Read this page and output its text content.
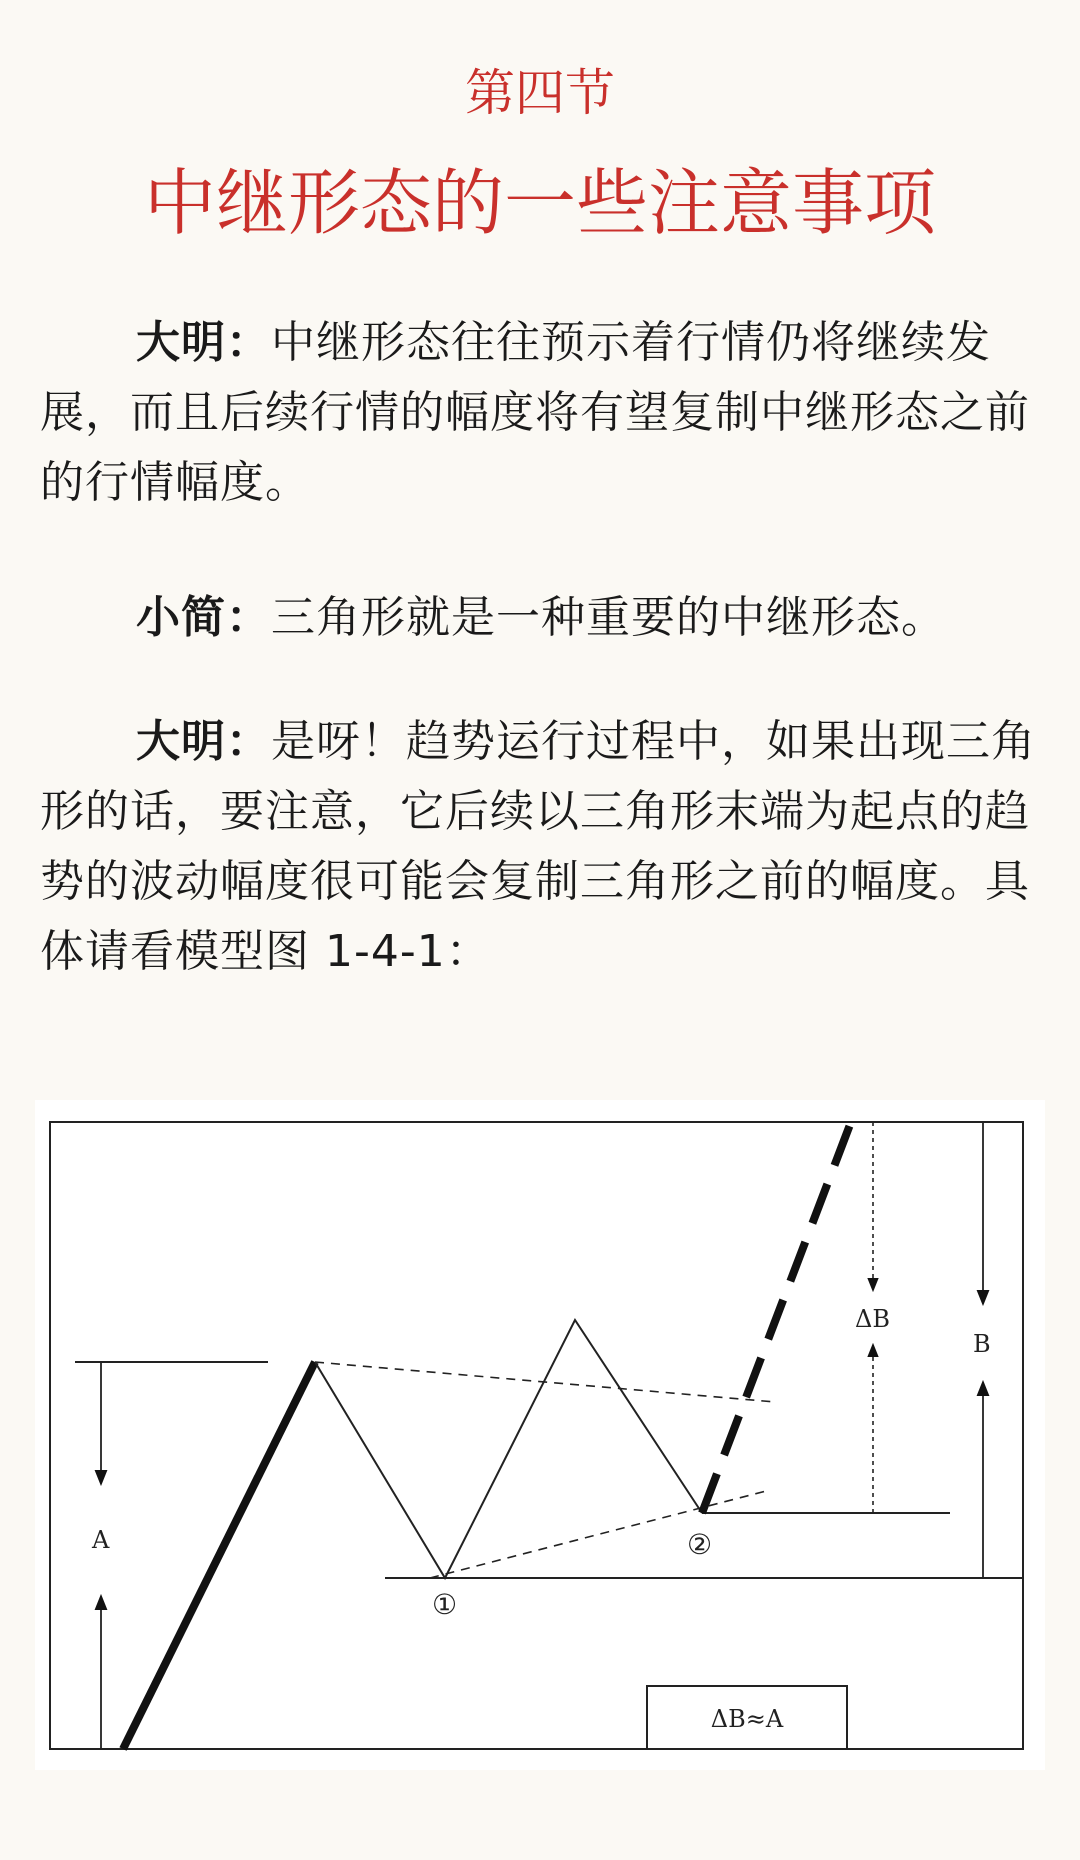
第四节
中继形态的一些注意事项

大明：中继形态往往预示着行情仍将继续发展，而且后续行情的幅度将有望复制中继形态之前的行情幅度。

小简：三角形就是一种重要的中继形态。

大明：是呀！趋势运行过程中，如果出现三角形的话，要注意，它后续以三角形末端为起点的趋势的波动幅度很可能会复制三角形之前的幅度。具体请看模型图 1-4-1：

A
ΔB
B
①
②
ΔB≈A
